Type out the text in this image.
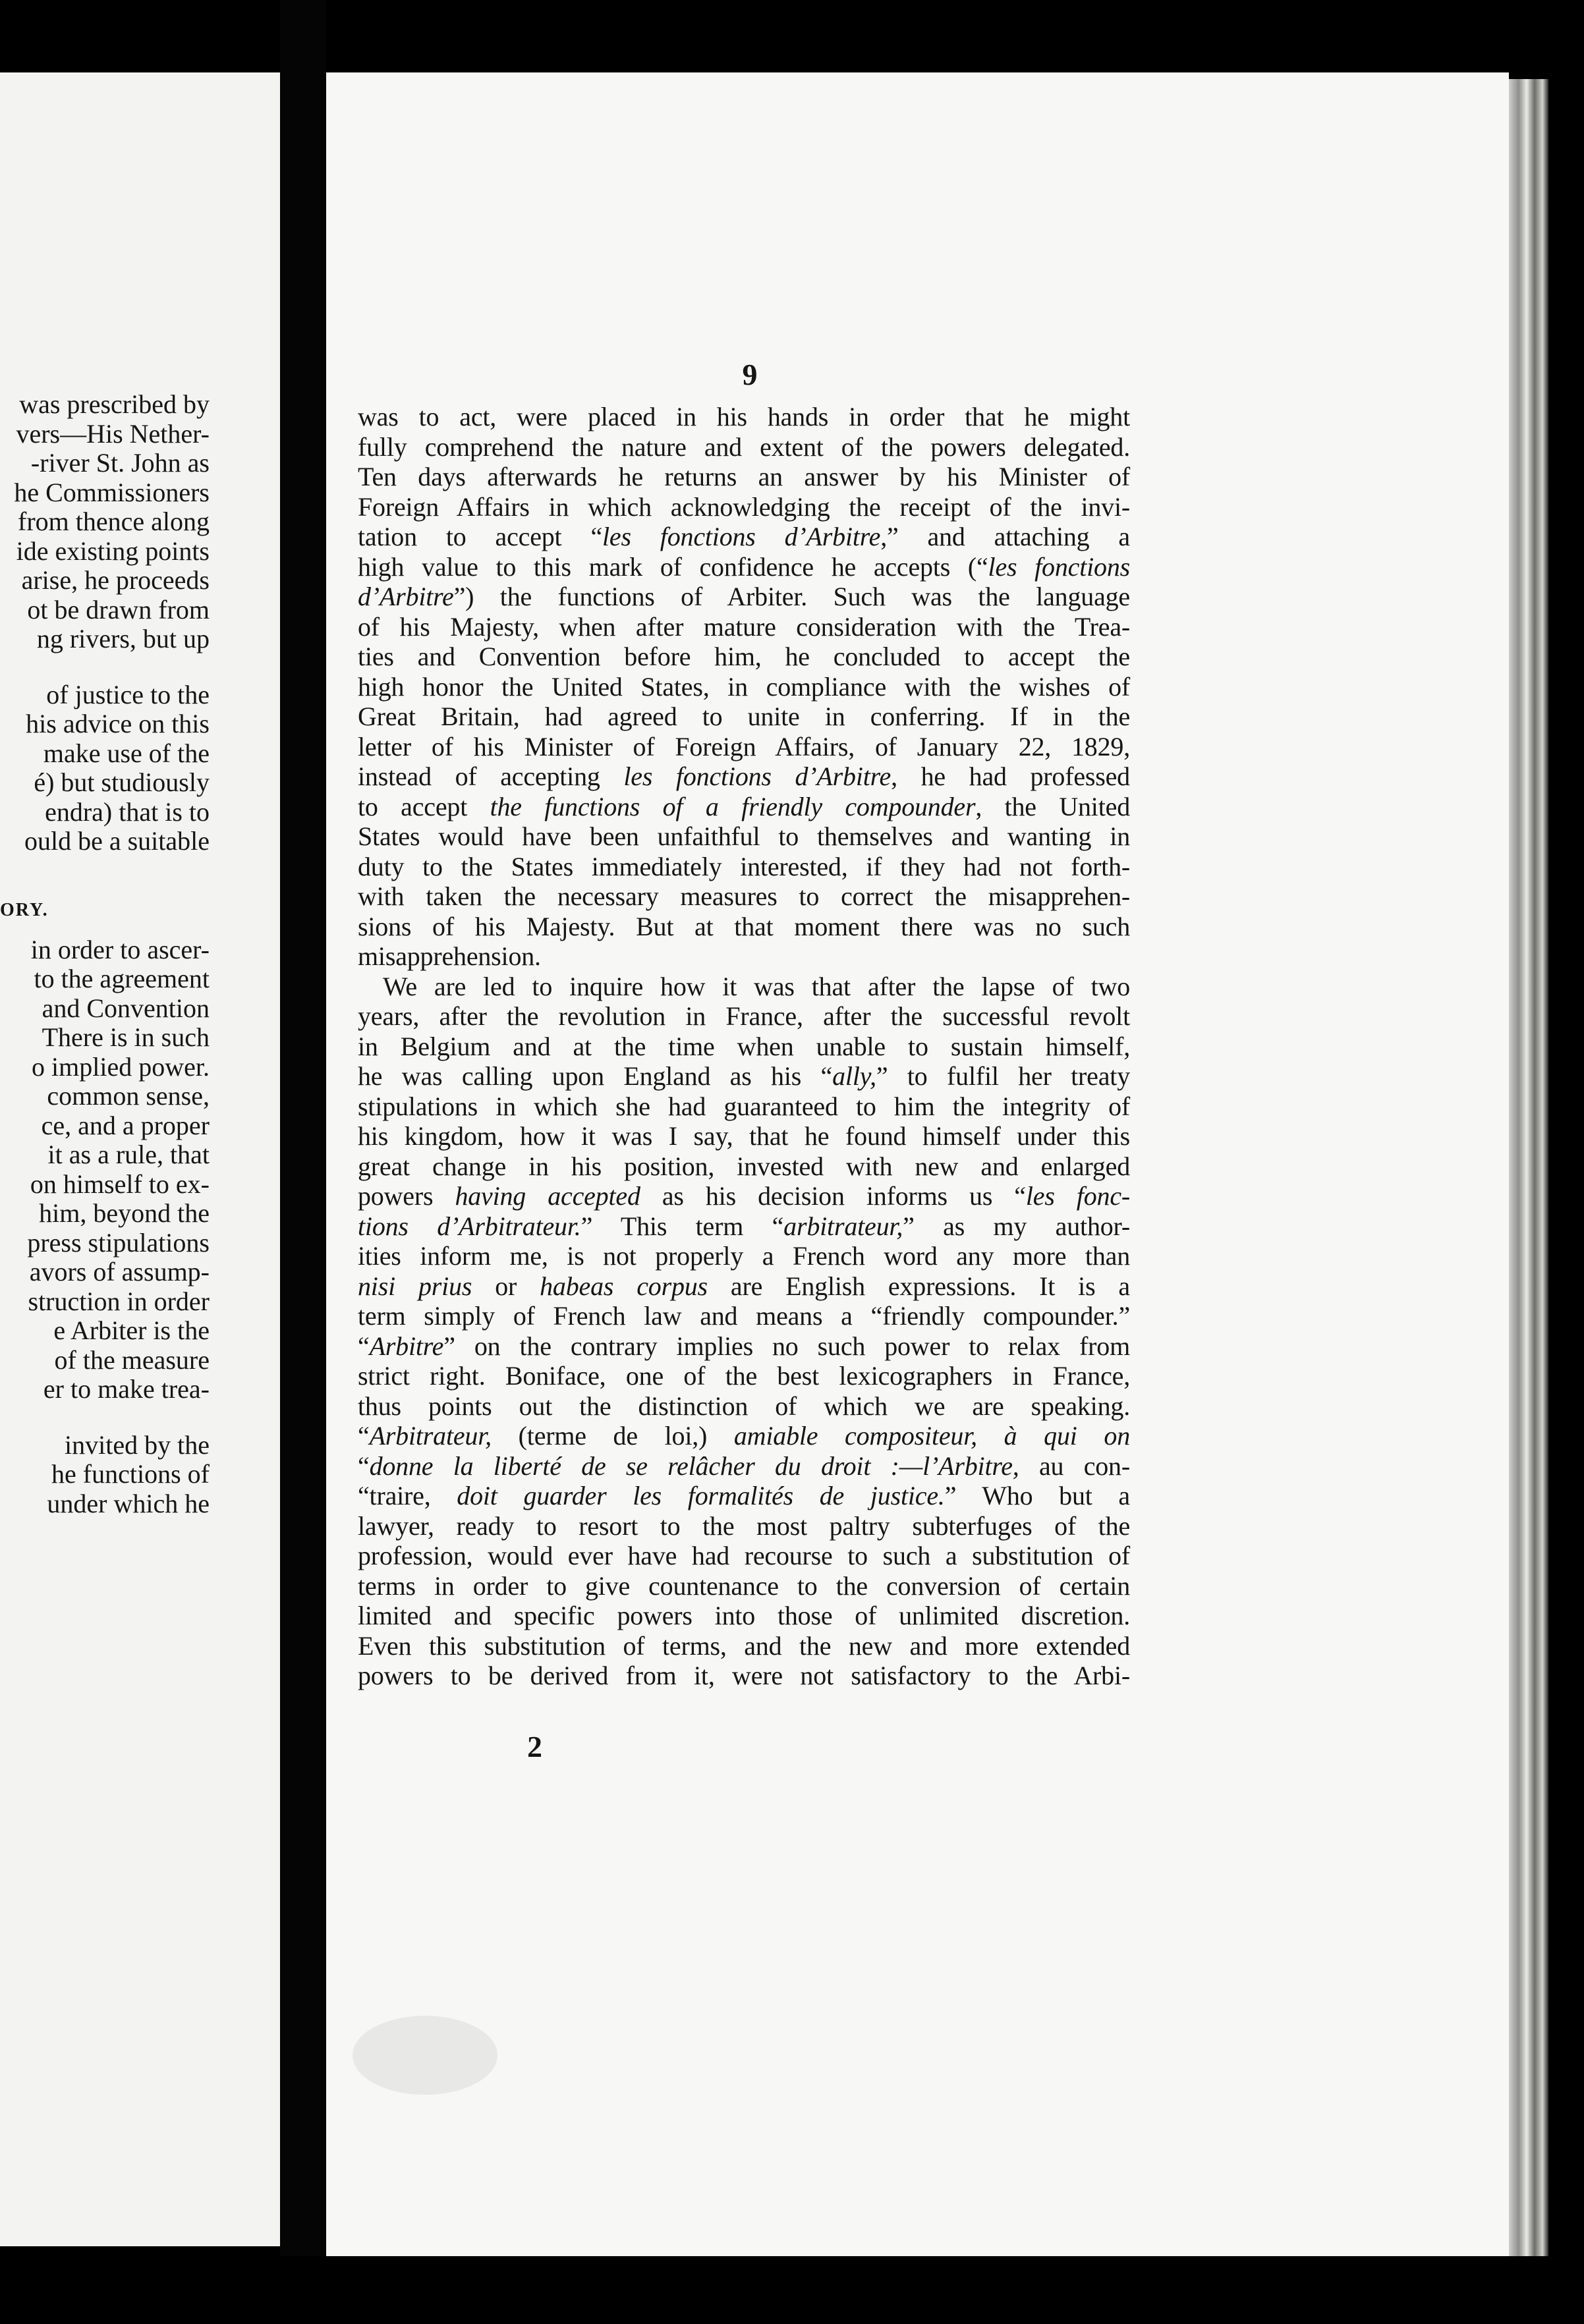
was prescribed by
vers—His Nether-
-river St. John as
he Commissioners
from thence along
ide existing points
arise, he proceeds
ot be drawn from
ng rivers, but up
of justice to the
his advice on this
make use of the
é) but studiously
endra) that is to
ould be a suitable
ORY.
in order to ascer-
to the agreement
and Convention
There is in such
o implied power.
common sense,
ce, and a proper
it as a rule, that
on himself to ex-
him, beyond the
press stipulations
avors of assump-
struction in order
e Arbiter is the
of the measure
er to make trea-
invited by the
he functions of
under which he
9
was to act, were placed in his hands in order that he might
fully comprehend the nature and extent of the powers delegated.
Ten days afterwards he returns an answer by his Minister of
Foreign Affairs in which acknowledging the receipt of the invi-
tation to accept “les fonctions d’Arbitre,” and attaching a
high value to this mark of confidence he accepts (“les fonctions
d’Arbitre”) the functions of Arbiter. Such was the language
of his Majesty, when after mature consideration with the Trea-
ties and Convention before him, he concluded to accept the
high honor the United States, in compliance with the wishes of
Great Britain, had agreed to unite in conferring. If in the
letter of his Minister of Foreign Affairs, of January 22, 1829,
instead of accepting les fonctions d’Arbitre, he had professed
to accept the functions of a friendly compounder, the United
States would have been unfaithful to themselves and wanting in
duty to the States immediately interested, if they had not forth-
with taken the necessary measures to correct the misapprehen-
sions of his Majesty. But at that moment there was no such
misapprehension.
We are led to inquire how it was that after the lapse of two
years, after the revolution in France, after the successful revolt
in Belgium and at the time when unable to sustain himself,
he was calling upon England as his “ally,” to fulfil her treaty
stipulations in which she had guaranteed to him the integrity of
his kingdom, how it was I say, that he found himself under this
great change in his position, invested with new and enlarged
powers having accepted as his decision informs us “les fonc-
tions d’Arbitrateur.” This term “arbitrateur,” as my author-
ities inform me, is not properly a French word any more than
nisi prius or habeas corpus are English expressions. It is a
term simply of French law and means a “friendly compounder.”
“Arbitre” on the contrary implies no such power to relax from
strict right. Boniface, one of the best lexicographers in France,
thus points out the distinction of which we are speaking.
“Arbitrateur, (terme de loi,) amiable compositeur, à qui on
“donne la liberté de se relâcher du droit :—l’Arbitre, au con-
“traire, doit guarder les formalités de justice.” Who but a
lawyer, ready to resort to the most paltry subterfuges of the
profession, would ever have had recourse to such a substitution of
terms in order to give countenance to the conversion of certain
limited and specific powers into those of unlimited discretion.
Even this substitution of terms, and the new and more extended
powers to be derived from it, were not satisfactory to the Arbi-
2
